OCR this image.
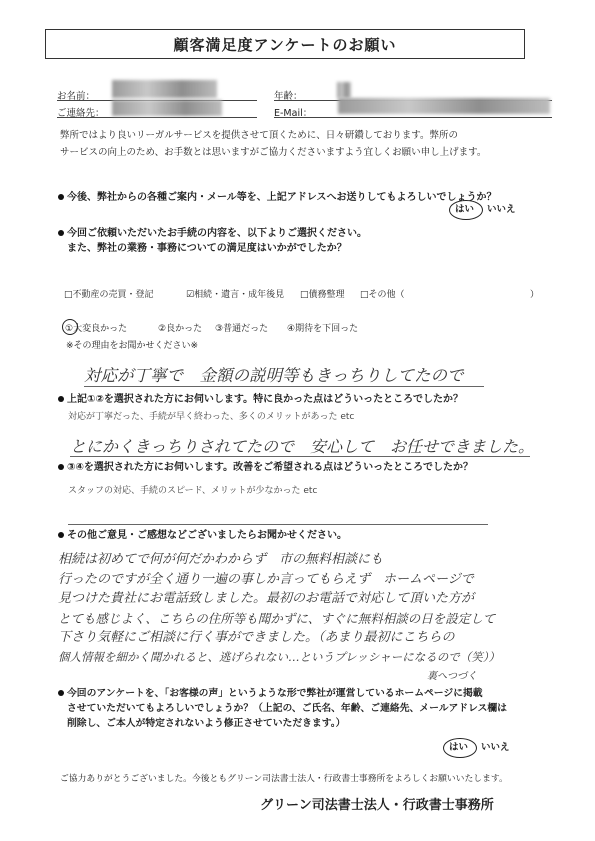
顧客満足度アンケートのお願い
お名前：	年齢：
ご連絡先：	E-Mail：
弊所ではより良いリーガルサービスを提供させて頂くために、日々研鑽しております。弊所の
サービスの向上のため、お手数とは思いますがご協力くださいますよう宜しくお願い申し上げます。
今後、弊社からの各種ご案内・メール等を、上記アドレスへお送りしてもよろしいでしょうか？
はい いいえ
今回ご依頼いただいたお手続の内容を、以下よりご選択ください。
また、弊社の業務・事務についての満足度はいかがでしたか？
□不動産の売買・登記	☑相続・遺言・成年後見 □債務整理 □その他（	）
①大変良かった	②良かった ③普通だった ④期待を下回った
※その理由をお聞かせください※
対応が丁寧で　金額の説明等もきっちりしてたので
上記①②を選択された方にお伺いします。特に良かった点はどういったところでしたか？
対応が丁寧だった、手続が早く終わった、多くのメリットがあった etc
とにかくきっちりされてたので　安心して　お任せできました。
③④を選択された方にお伺いします。改善をご希望される点はどういったところでしたか？
スタッフの対応、手続のスピード、メリットが少なかった etc
その他ご意見・ご感想などございましたらお聞かせください。
相続は初めてで何が何だかわからず　市の無料相談にも
行ったのですが全く通り一遍の事しか言ってもらえず　ホームページで
見つけた貴社にお電話致しました。最初のお電話で対応して頂いた方が
とても感じよく、こちらの住所等も聞かずに、すぐに無料相談の日を設定して
下さり気軽にご相談に行く事ができました。（あまり最初にこちらの
個人情報を細かく聞かれると、逃げられない…というプレッシャーになるので（笑））
裏へつづく
今回のアンケートを、「お客様の声」というような形で弊社が運営しているホームページに掲載
させていただいてもよろしいでしょうか？（上記の、ご氏名、年齢、ご連絡先、メールアドレス欄は
削除し、ご本人が特定されないよう修正させていただきます。）
はい いいえ
ご協力ありがとうございました。今後ともグリーン司法書士法人・行政書士事務所をよろしくお願いいたします。
グリーン司法書士法人・行政書士事務所
